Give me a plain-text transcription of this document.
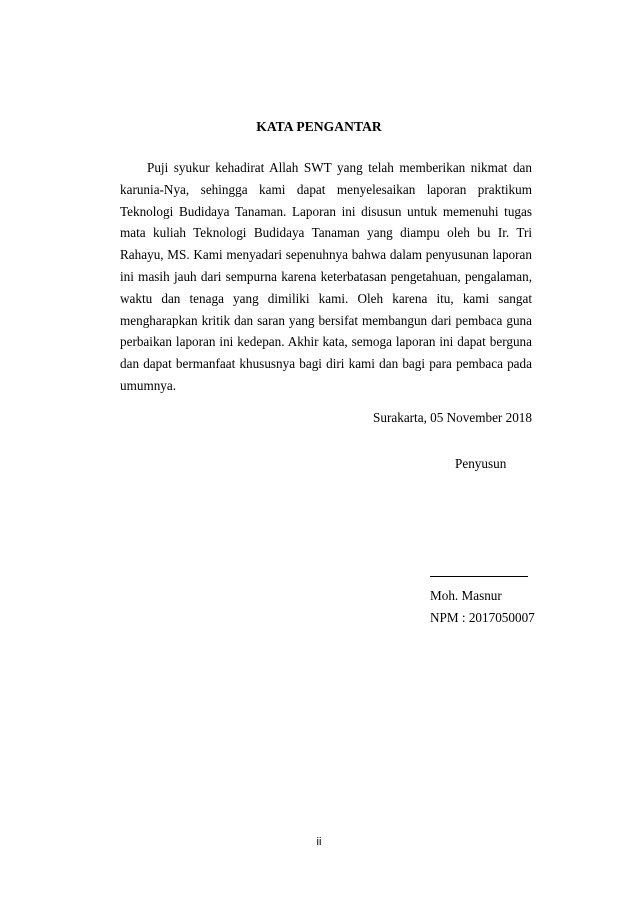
KATA PENGANTAR

Puji syukur kehadirat Allah SWT yang telah memberikan nikmat dan karunia-Nya, sehingga kami dapat menyelesaikan laporan praktikum Teknologi Budidaya Tanaman. Laporan ini disusun untuk memenuhi tugas mata kuliah Teknologi Budidaya Tanaman yang diampu oleh bu Ir. Tri Rahayu, MS. Kami menyadari sepenuhnya bahwa dalam penyusunan laporan ini masih jauh dari sempurna karena keterbatasan pengetahuan, pengalaman, waktu dan tenaga yang dimiliki kami. Oleh karena itu, kami sangat mengharapkan kritik dan saran yang bersifat membangun dari pembaca guna perbaikan laporan ini kedepan. Akhir kata, semoga laporan ini dapat berguna dan dapat bermanfaat khususnya bagi diri kami dan bagi para pembaca pada umumnya.

Surakarta, 05 November 2018
Penyusun
Moh. Masnur
NPM : 2017050007
ii
